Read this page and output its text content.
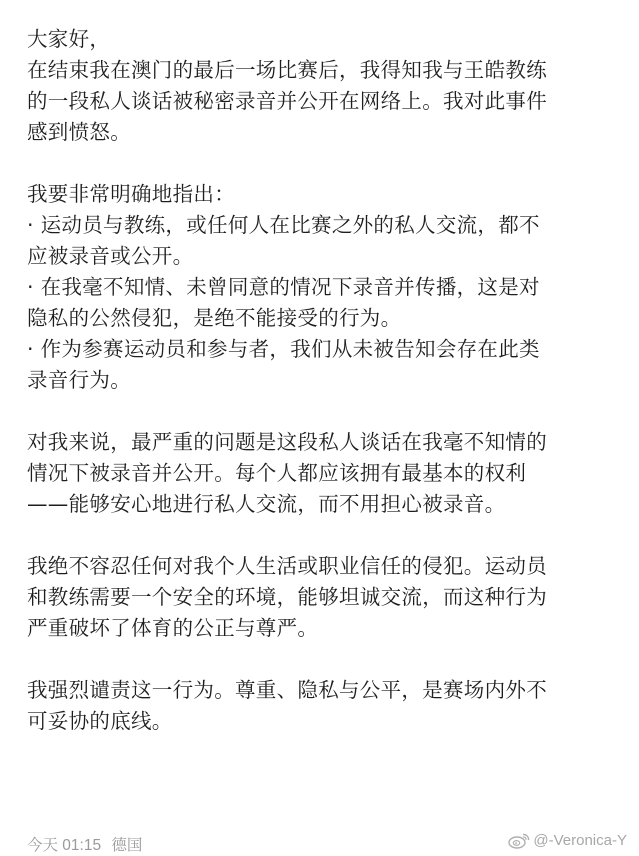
大家好，

在结束我在澳门的最后一场比赛后，我得知我与王皓教练

的一段私人谈话被秘密录音并公开在网络上。我对此事件

感到愤怒。

我要非常明确地指出：

· 运动员与教练，或任何人在比赛之外的私人交流，都不

应被录音或公开。

· 在我毫不知情、未曾同意的情况下录音并传播，这是对

隐私的公然侵犯，是绝不能接受的行为。

· 作为参赛运动员和参与者，我们从未被告知会存在此类

录音行为。

对我来说，最严重的问题是这段私人谈话在我毫不知情的

情况下被录音并公开。每个人都应该拥有最基本的权利

——能够安心地进行私人交流，而不用担心被录音。

我绝不容忍任何对我个人生活或职业信任的侵犯。运动员

和教练需要一个安全的环境，能够坦诚交流，而这种行为

严重破坏了体育的公正与尊严。

我强烈谴责这一行为。尊重、隐私与公平，是赛场内外不

可妥协的底线。

今天 01:15 德国	@-Veronica-Y
